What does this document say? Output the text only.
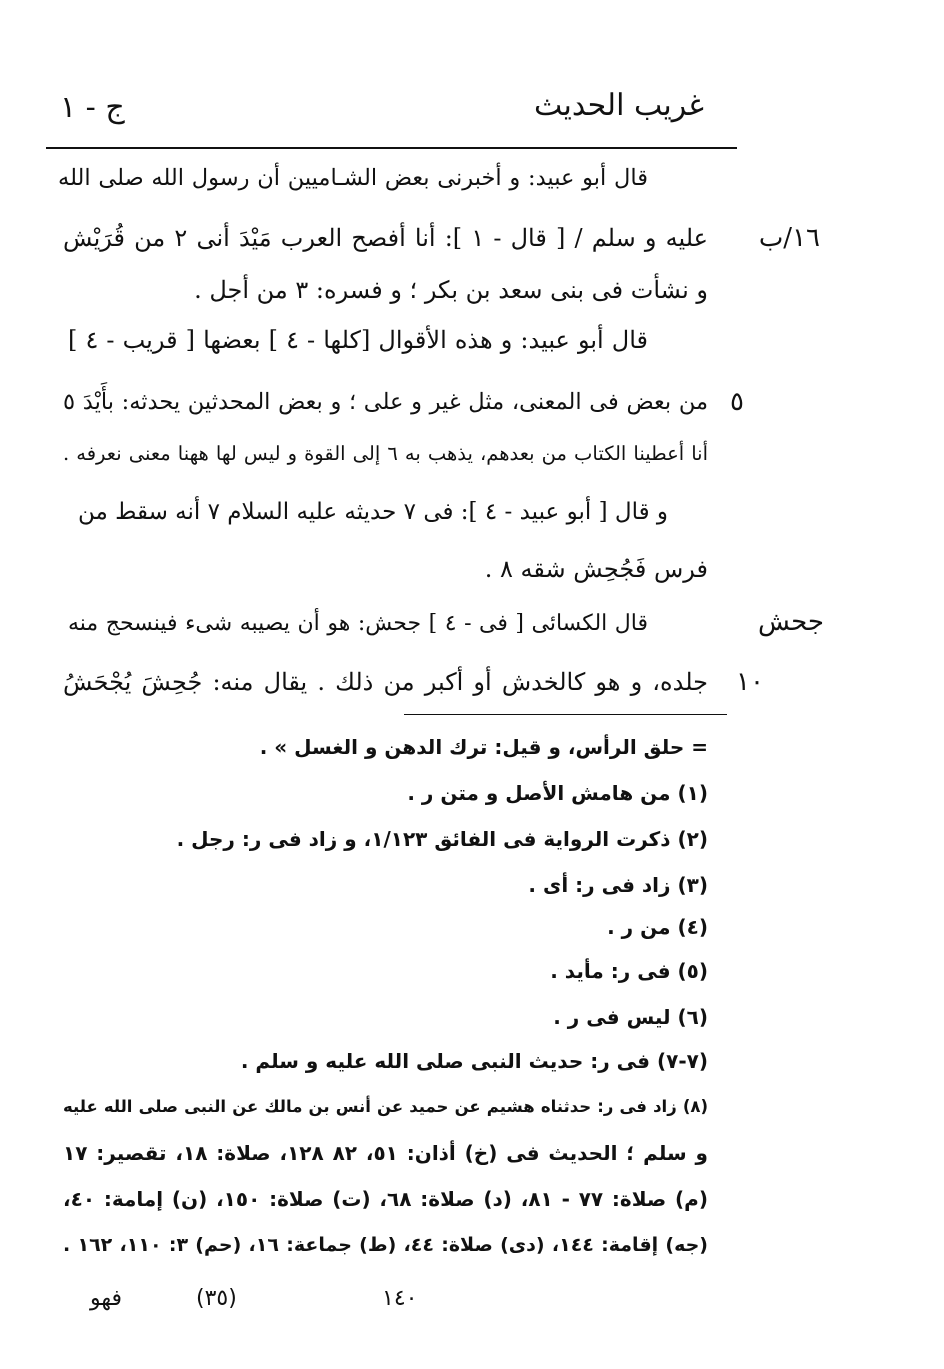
غريب الحديث
ج - ١
١٦/ب
٥
جحش
١٠
قال أبو عبيد: و أخبرنى بعض الشـاميين أن رسول الله صلى الله
عليه و سلم / [ قال - ١ ]: أنا أفصح العرب مَيْدَ أنى ٢ من قُرَيْش
و نشأت فى بنى سعد بن بكر ؛ و فسره: ٣ من أجل .
قال أبو عبيد: و هذه الأقوال [كلها - ٤ ] بعضها [ قريب - ٤ ]
من بعض فى المعنى، مثل غير و على ؛ و بعض المحدثين يحدثه: بأَيْدَ ٥
أنا أعطينا الكتاب من بعدهم، يذهب به ٦ إلى القوة و ليس لها ههنا معنى نعرفه .
و قال [ أبو عبيد - ٤ ]: فى ٧ حديثه عليه السلام ٧ أنه سقط من
فرس فَجُحِش شقه ٨ .
قال الكسائى [ فى - ٤ ] جحش: هو أن يصيبه شىء فينسحج منه
جلده، و هو كالخدش أو أكبر من ذلك . يقال منه: جُحِشَ يُجْحَشُ
= حلق الرأس، و قيل: ترك الدهن و الغسل » .
(١) من هامش الأصل و متن ر .
(٢) ذكرت الرواية فى الفائق ١/١٢٣، و زاد فى ر: رجل .
(٣) زاد فى ر: أى .
(٤) من ر .
(٥) فى ر: مأيد .
(٦) ليس فى ر .
(٧-٧) فى ر: حديث النبى صلى الله عليه و سلم .
(٨) زاد فى ر: حدثناه هشيم عن حميد عن أنس بن مالك عن النبى صلى الله عليه
و سلم ؛ الحديث فى (خ) أذان: ٥١، ٨٢ ١٢٨، صلاة: ١٨، تقصير: ١٧
(م) صلاة: ٧٧ - ٨١، (د) صلاة: ٦٨، (ت) صلاة: ١٥٠، (ن) إمامة: ٤٠،
(جه) إقامة: ١٤٤، (دى) صلاة: ٤٤، (ط) جماعة: ١٦، (حم) ٣: ١١٠، ١٦٢ .
فهو	(٣٥)	١٤٠
